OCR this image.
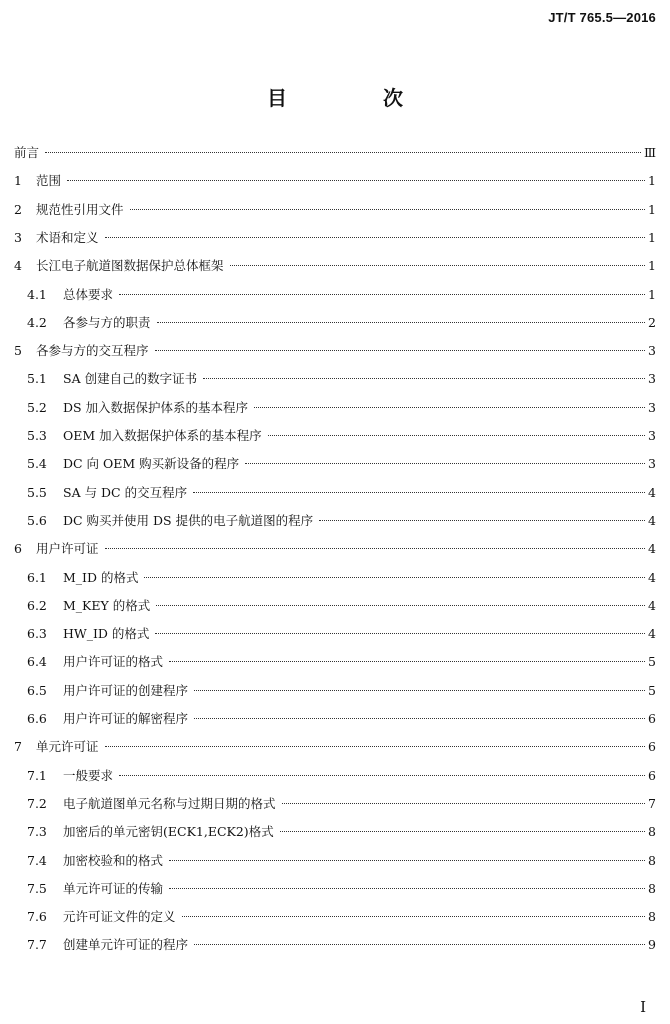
JT/T 765.5—2016
目　次
前言	Ⅲ
1	范围	1
2	规范性引用文件	1
3	术语和定义	1
4	长江电子航道图数据保护总体框架	1
4.1	总体要求	1
4.2	各参与方的职责	2
5	各参与方的交互程序	3
5.1	SA 创建自己的数字证书	3
5.2	DS 加入数据保护体系的基本程序	3
5.3	OEM 加入数据保护体系的基本程序	3
5.4	DC 向 OEM 购买新设备的程序	3
5.5	SA 与 DC 的交互程序	4
5.6	DC 购买并使用 DS 提供的电子航道图的程序	4
6	用户许可证	4
6.1	M_ID 的格式	4
6.2	M_KEY 的格式	4
6.3	HW_ID 的格式	4
6.4	用户许可证的格式	5
6.5	用户许可证的创建程序	5
6.6	用户许可证的解密程序	6
7	单元许可证	6
7.1	一般要求	6
7.2	电子航道图单元名称与过期日期的格式	7
7.3	加密后的单元密钥(ECK1,ECK2)格式	8
7.4	加密校验和的格式	8
7.5	单元许可证的传输	8
7.6	元许可证文件的定义	8
7.7	创建单元许可证的程序	9
I
